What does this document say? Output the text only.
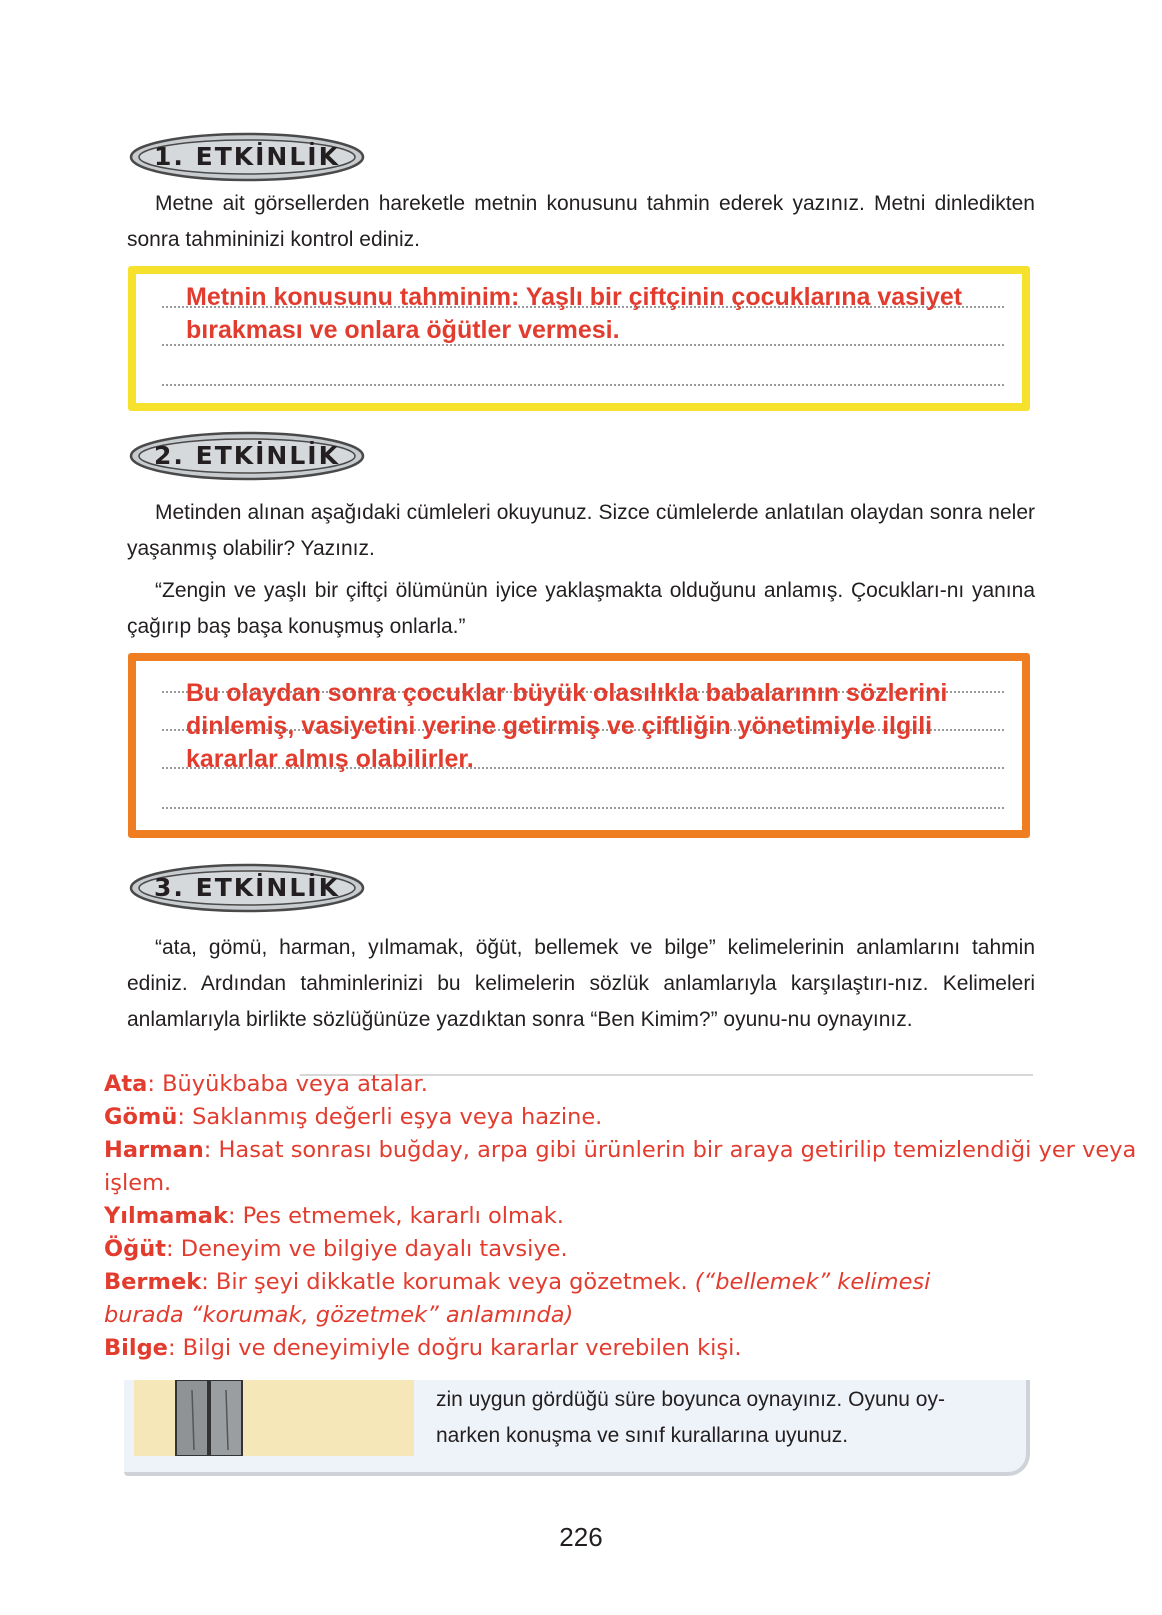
1. ETKİNLİK
Metne ait görsellerden hareketle metnin konusunu tahmin ederek yazınız. Metni dinledikten sonra tahmininizi kontrol ediniz.
Metnin konusunu tahminim: Yaşlı bir çiftçinin çocuklarına vasiyet
bırakması ve onlara öğütler vermesi.
2. ETKİNLİK
Metinden alınan aşağıdaki cümleleri okuyunuz. Sizce cümlelerde anlatılan olaydan sonra neler yaşanmış olabilir? Yazınız.
“Zengin ve yaşlı bir çiftçi ölümünün iyice yaklaşmakta olduğunu anlamış. Çocukları-nı yanına çağırıp baş başa konuşmuş onlarla.”
Bu olaydan sonra çocuklar büyük olasılıkla babalarının sözlerini
dinlemiş, vasiyetini yerine getirmiş ve çiftliğin yönetimiyle ilgili
kararlar almış olabilirler.
3. ETKİNLİK
“ata, gömü, harman, yılmamak, öğüt, bellemek ve bilge” kelimelerinin anlamlarını tahmin ediniz. Ardından tahminlerinizi bu kelimelerin sözlük anlamlarıyla karşılaştırı-nız. Kelimeleri anlamlarıyla birlikte sözlüğünüze yazdıktan sonra “Ben Kimim?” oyunu-nu oynayınız.
Ata: Büyükbaba veya atalar.
Gömü: Saklanmış değerli eşya veya hazine.
Harman: Hasat sonrası buğday, arpa gibi ürünlerin bir araya getirilip temizlendiği yer veya işlem.
Yılmamak: Pes etmemek, kararlı olmak.
Öğüt: Deneyim ve bilgiye dayalı tavsiye.
Bermek: Bir şeyi dikkatle korumak veya gözetmek. (“bellemek” kelimesi burada “korumak, gözetmek” anlamında)
Bilge: Bilgi ve deneyimiyle doğru kararlar verebilen kişi.
zin uygun gördüğü süre boyunca oynayınız. Oyunu oy-
narken konuşma ve sınıf kurallarına uyunuz.
226
